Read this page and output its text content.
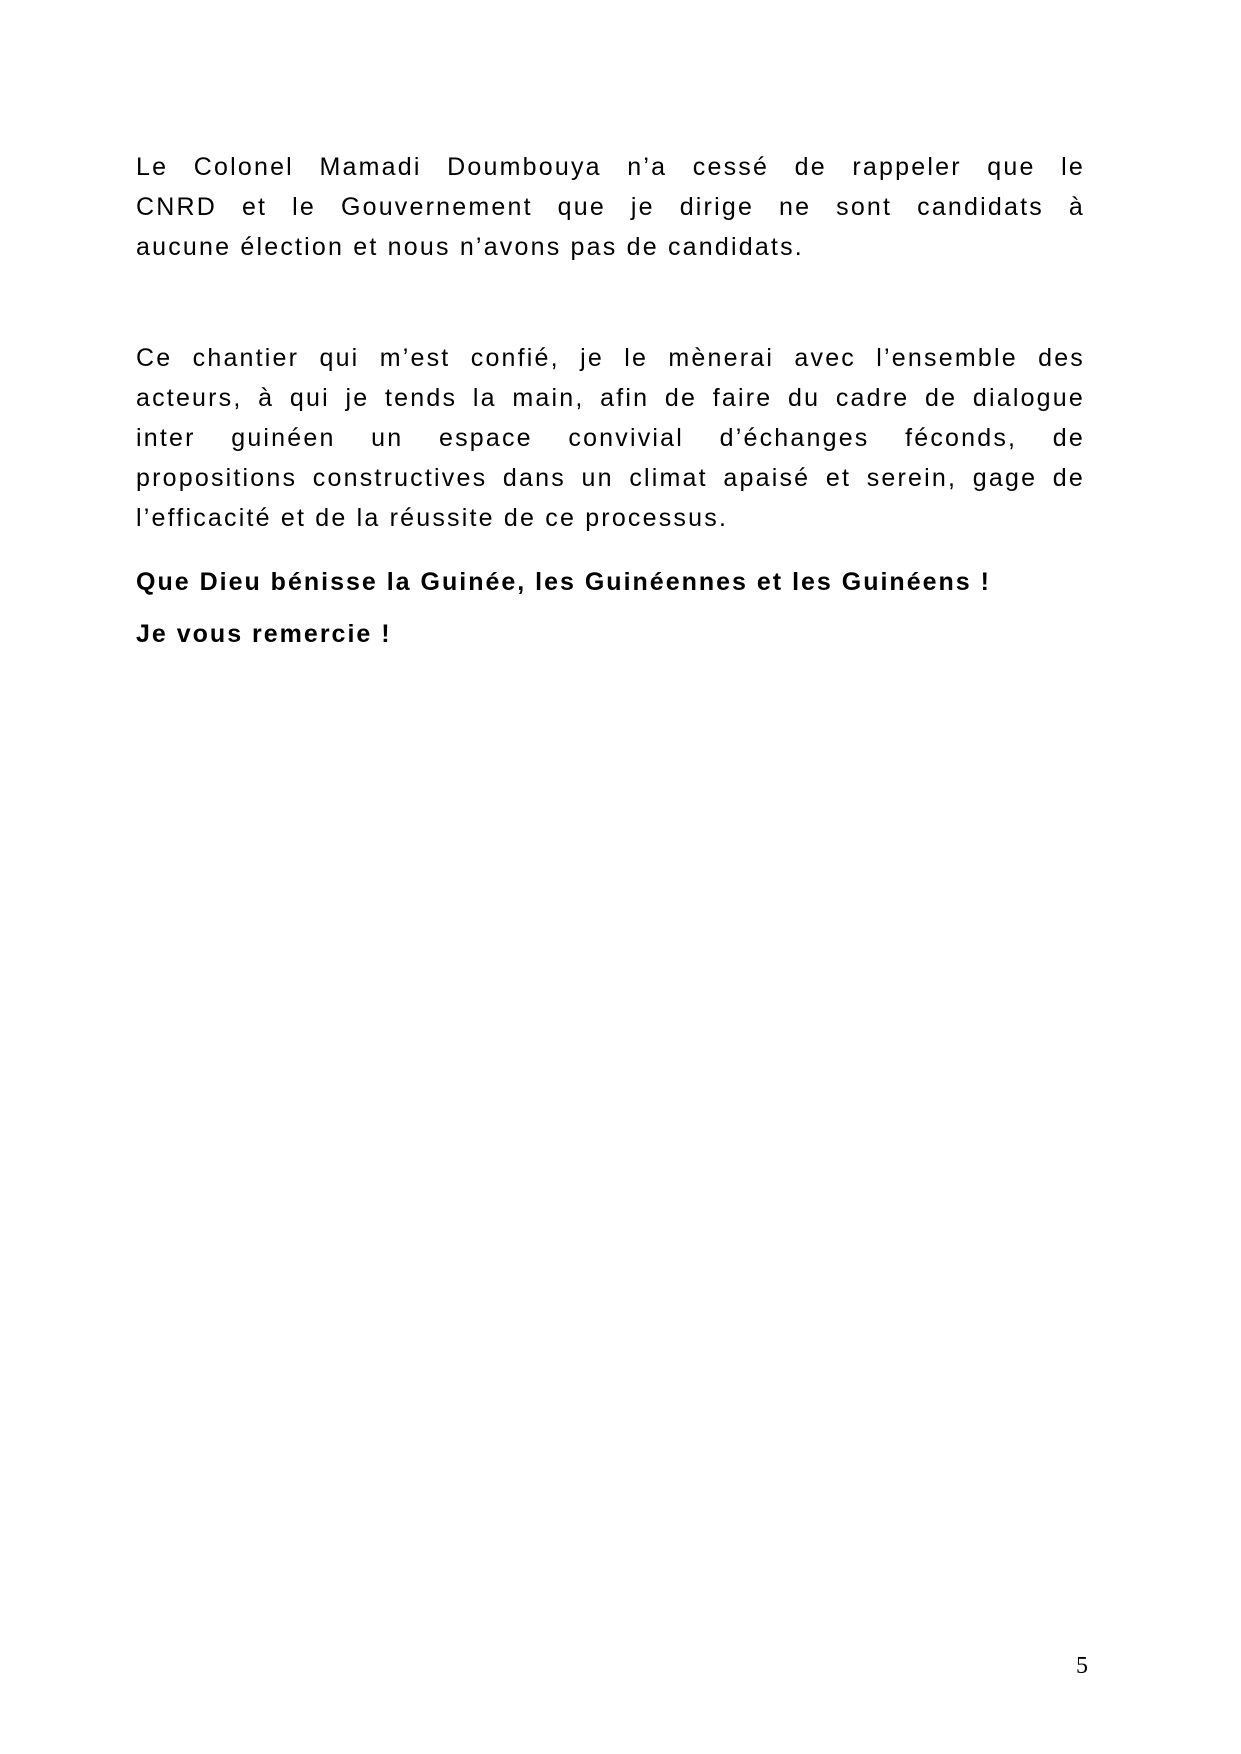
Le Colonel Mamadi Doumbouya n’a cessé de rappeler que le
CNRD et le Gouvernement que je dirige ne sont candidats à
aucune élection et nous n’avons pas de candidats.

Ce chantier qui m’est confié, je le mènerai avec l’ensemble des
acteurs, à qui je tends la main, afin de faire du cadre de dialogue
inter guinéen un espace convivial d’échanges féconds, de
propositions constructives dans un climat apaisé et serein, gage de
l’efficacité et de la réussite de ce processus.

Que Dieu bénisse la Guinée, les Guinéennes et les Guinéens !

Je vous remercie !

5
